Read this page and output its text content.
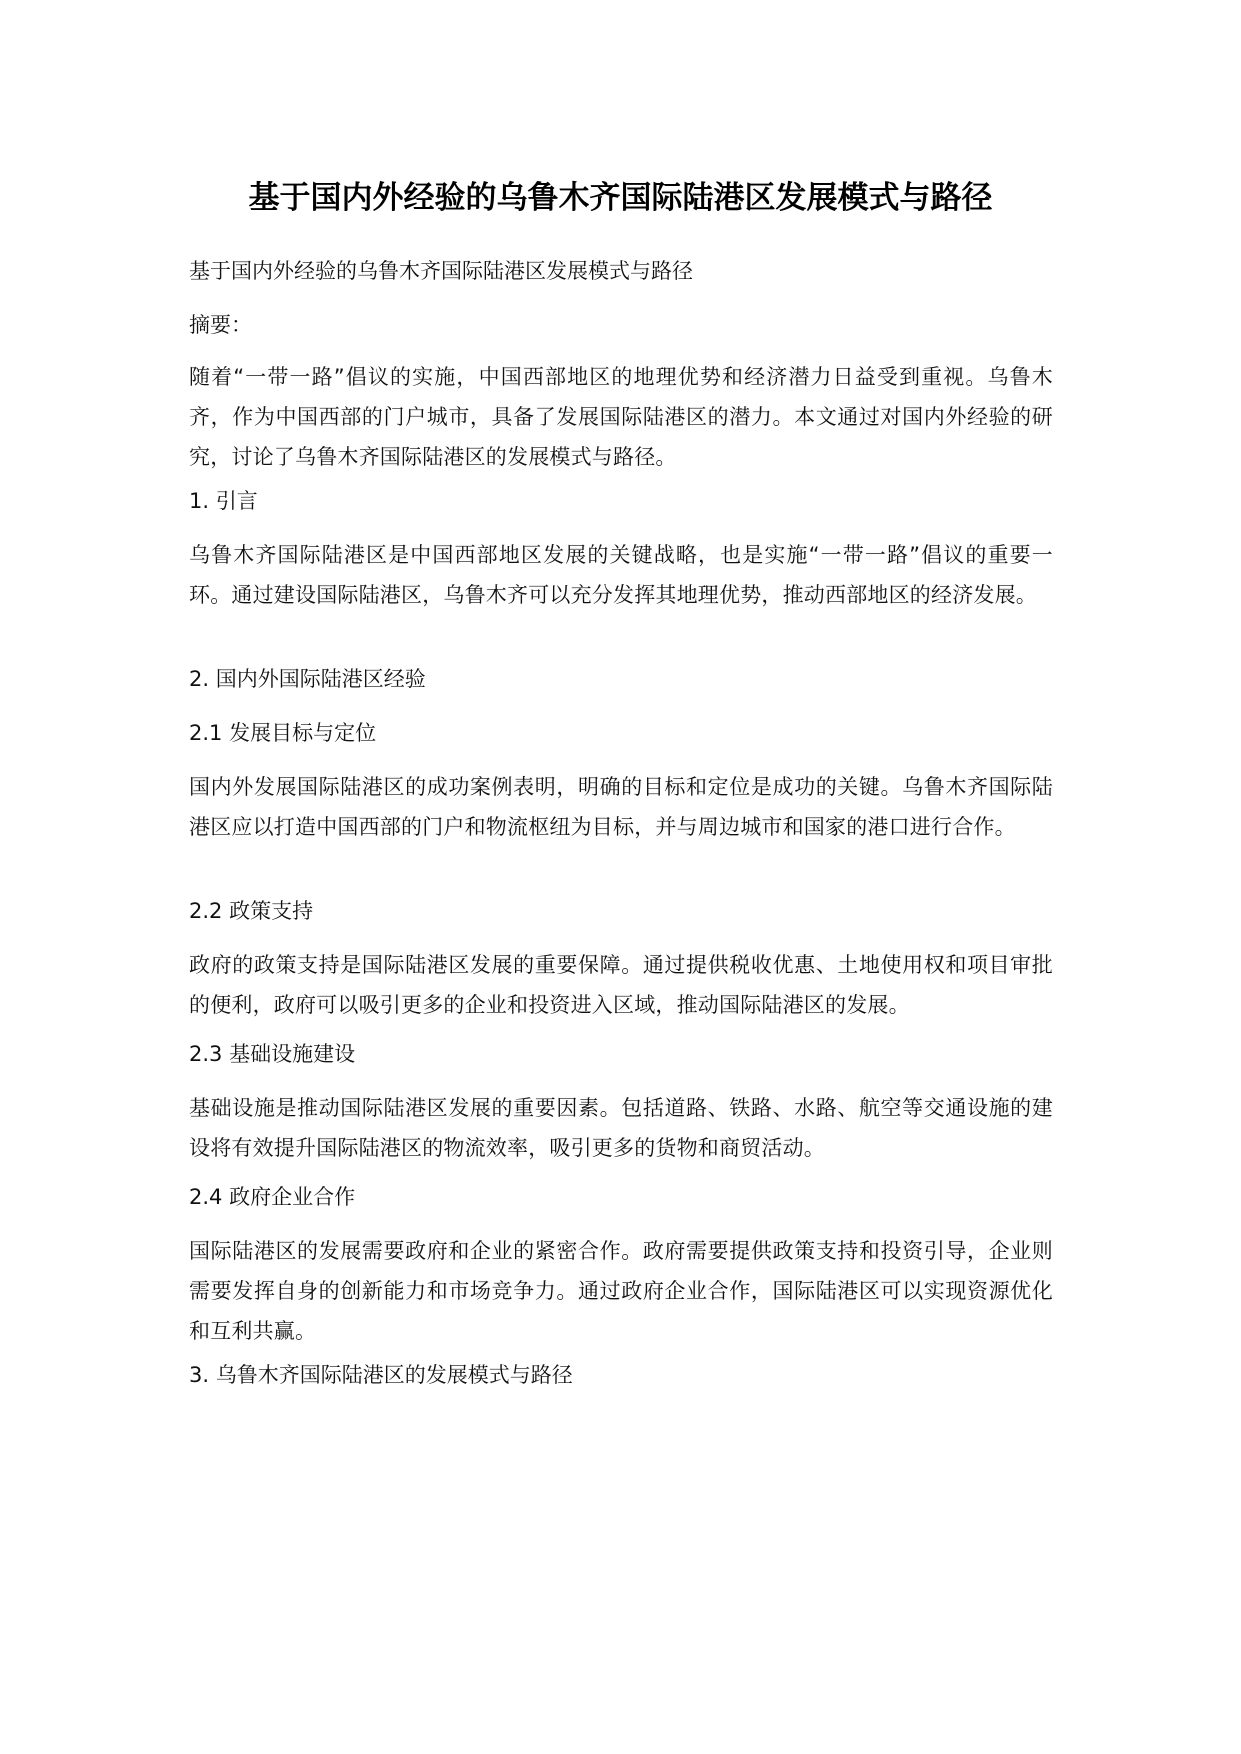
基于国内外经验的乌鲁木齐国际陆港区发展模式与路径

基于国内外经验的乌鲁木齐国际陆港区发展模式与路径

摘要：

随着“一带一路”倡议的实施，中国西部地区的地理优势和经济潜力日益受到重视。乌鲁木齐，作为中国西部的门户城市，具备了发展国际陆港区的潜力。本文通过对国内外经验的研究，讨论了乌鲁木齐国际陆港区的发展模式与路径。

1. 引言

乌鲁木齐国际陆港区是中国西部地区发展的关键战略，也是实施“一带一路”倡议的重要一环。通过建设国际陆港区，乌鲁木齐可以充分发挥其地理优势，推动西部地区的经济发展。

2. 国内外国际陆港区经验

2.1 发展目标与定位

国内外发展国际陆港区的成功案例表明，明确的目标和定位是成功的关键。乌鲁木齐国际陆港区应以打造中国西部的门户和物流枢纽为目标，并与周边城市和国家的港口进行合作。

2.2 政策支持

政府的政策支持是国际陆港区发展的重要保障。通过提供税收优惠、土地使用权和项目审批的便利，政府可以吸引更多的企业和投资进入区域，推动国际陆港区的发展。

2.3 基础设施建设

基础设施是推动国际陆港区发展的重要因素。包括道路、铁路、水路、航空等交通设施的建设将有效提升国际陆港区的物流效率，吸引更多的货物和商贸活动。

2.4 政府企业合作

国际陆港区的发展需要政府和企业的紧密合作。政府需要提供政策支持和投资引导，企业则需要发挥自身的创新能力和市场竞争力。通过政府企业合作，国际陆港区可以实现资源优化和互利共赢。

3. 乌鲁木齐国际陆港区的发展模式与路径
